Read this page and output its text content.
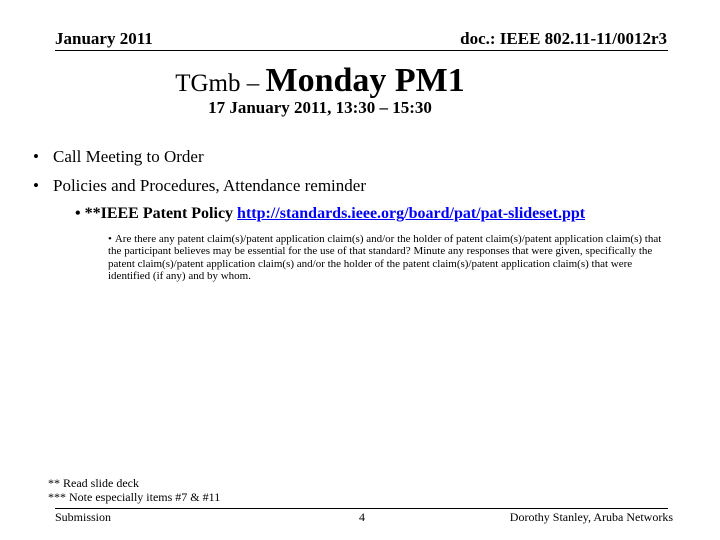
January 2011	doc.: IEEE 802.11-11/0012r3
TGmb – Monday PM1
17 January 2011, 13:30 – 15:30
• Call Meeting to Order
• Policies and Procedures, Attendance reminder
• **IEEE Patent Policy http://standards.ieee.org/board/pat/pat-slideset.ppt
• Are there any patent claim(s)/patent application claim(s) and/or the holder of patent claim(s)/patent application claim(s) that the participant believes may be essential for the use of that standard? Minute any responses that were given, specifically the patent claim(s)/patent application claim(s) and/or the holder of the patent claim(s)/patent application claim(s) that were identified (if any) and by whom.
** Read slide deck
*** Note especially items #7 & #11
Submission	4	Dorothy Stanley, Aruba Networks
